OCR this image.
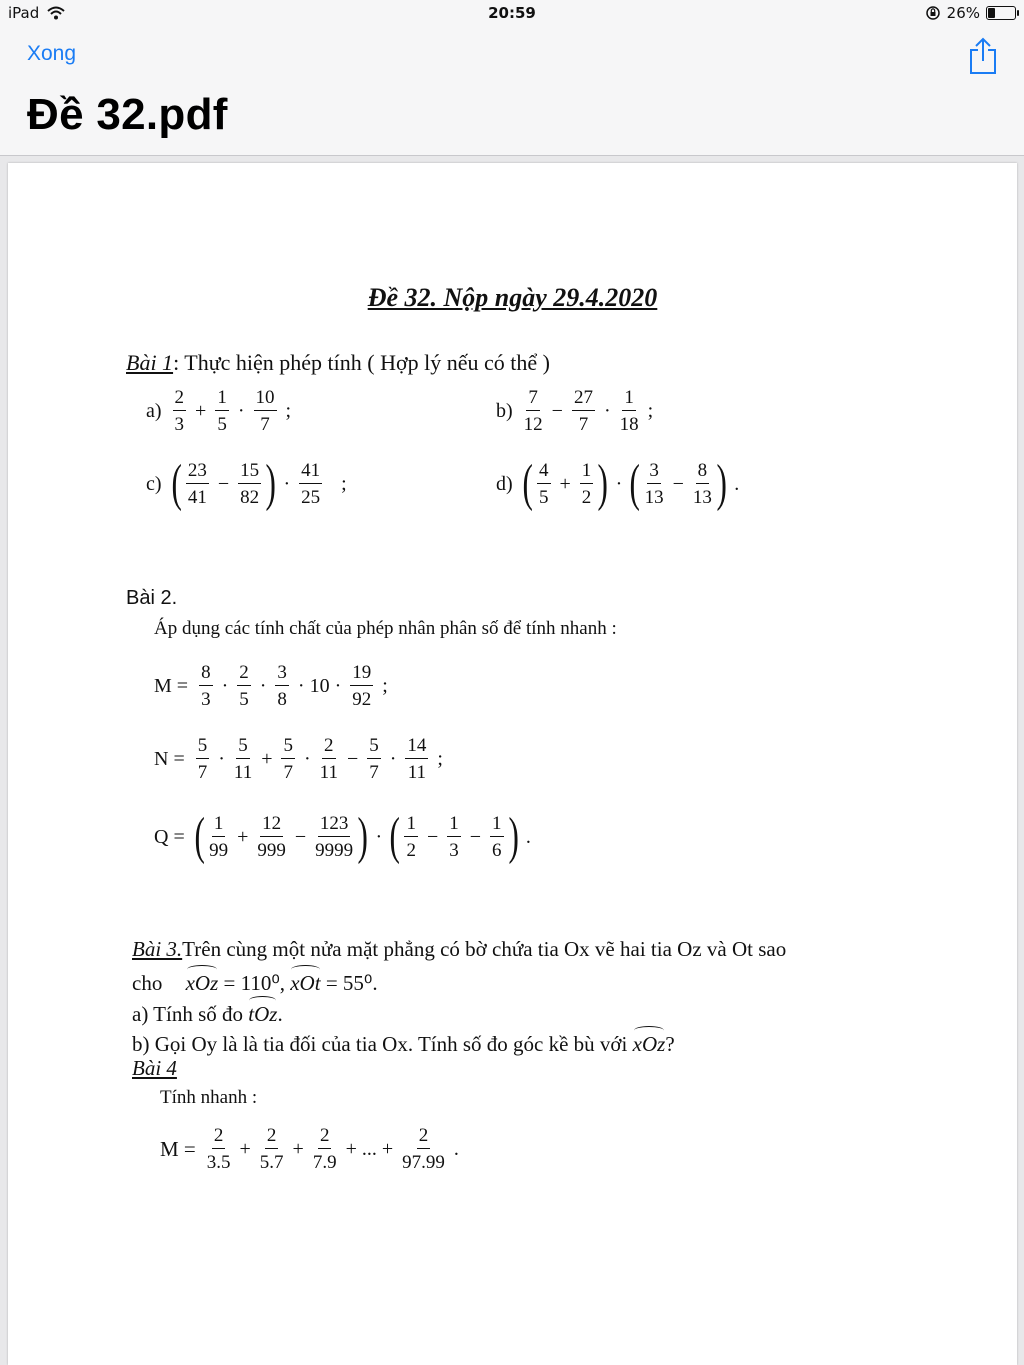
iPad	20:59	26%
Xong
Đề 32.pdf
Đề 32. Nộp ngày 29.4.2020
Bài 1: Thực hiện phép tính ( Hợp lý nếu có thể )
$a) \frac{2}{3} + \frac{1}{5} \cdot \frac{10}{7}$ ;	$b) \frac{7}{12} - \frac{27}{7} \cdot \frac{1}{18}$ ;
c) ( $\frac{23}{41} - \frac{15}{82}$ ) · $\frac{41}{25}$ ;	d) ( $\frac{4}{5} + \frac{1}{2}$ ) · ( $\frac{3}{13} - \frac{8}{13}$ ) .
Bài 2.
Áp dụng các tính chất của phép nhân phân số để tính nhanh :
$M = \frac{8}{3} \cdot \frac{2}{5} \cdot \frac{3}{8} \cdot 10 \cdot \frac{19}{92}$ ;
$N = \frac{5}{7} \cdot \frac{5}{11} + \frac{5}{7} \cdot \frac{2}{11} - \frac{5}{7} \cdot \frac{14}{11}$ ;
Q = ( $\frac{1}{99} + \frac{12}{999} - \frac{123}{9999}$ ) · ( $\frac{1}{2} - \frac{1}{3} - \frac{1}{6}$ ) .
Bài 3.Trên cùng một nửa mặt phẳng có bờ chứa tia Ox vẽ hai tia Oz và Ot sao
cho xOz = 110⁰, xOt = 55⁰.
a) Tính số đo tOz.
b) Gọi Oy là là tia đối của tia Ox. Tính số đo góc kề bù với xOz?
Bài 4
Tính nhanh :
$M = \frac{2}{3.5} + \frac{2}{5.7} + \frac{2}{7.9}$ + ... + $\frac{2}{97.99}$ .
